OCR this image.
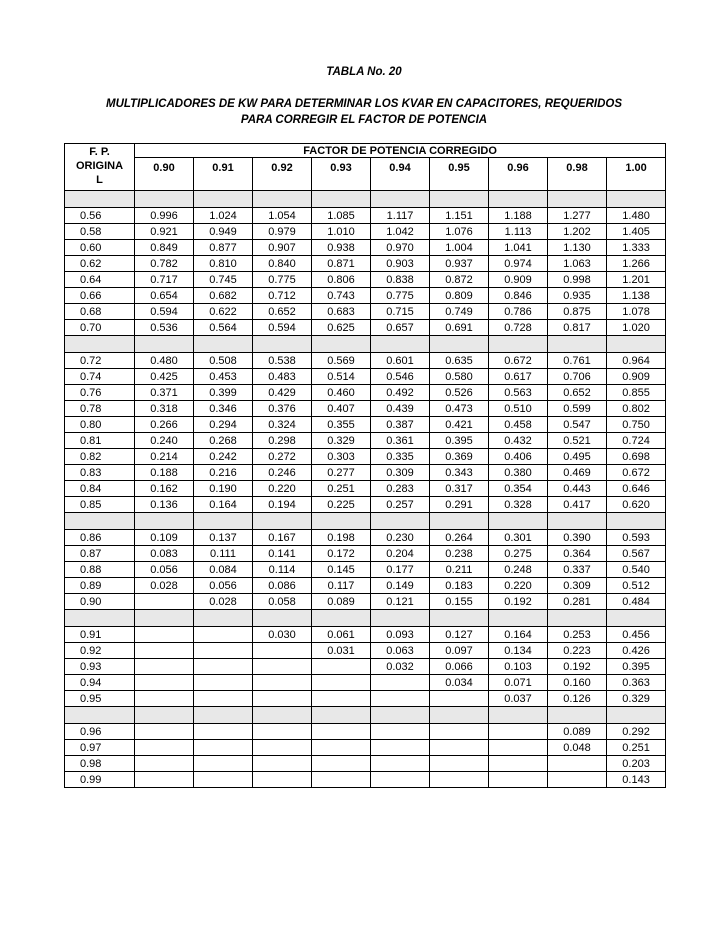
TABLA No. 20
MULTIPLICADORES DE KW PARA DETERMINAR LOS KVAR EN CAPACITORES, REQUERIDOS
PARA CORREGIR EL FACTOR DE POTENCIA
F. P.
ORIGINA
L	FACTOR DE POTENCIA CORREGIDO								
	0.90	0.91	0.92	0.93	0.94	0.95	0.96	0.98	1.00

0.56	0.996	1.024	1.054	1.085	1.117	1.151	1.188	1.277	1.480
0.58	0.921	0.949	0.979	1.010	1.042	1.076	1.113	1.202	1.405
0.60	0.849	0.877	0.907	0.938	0.970	1.004	1.041	1.130	1.333
0.62	0.782	0.810	0.840	0.871	0.903	0.937	0.974	1.063	1.266
0.64	0.717	0.745	0.775	0.806	0.838	0.872	0.909	0.998	1.201
0.66	0.654	0.682	0.712	0.743	0.775	0.809	0.846	0.935	1.138
0.68	0.594	0.622	0.652	0.683	0.715	0.749	0.786	0.875	1.078
0.70	0.536	0.564	0.594	0.625	0.657	0.691	0.728	0.817	1.020

0.72	0.480	0.508	0.538	0.569	0.601	0.635	0.672	0.761	0.964
0.74	0.425	0.453	0.483	0.514	0.546	0.580	0.617	0.706	0.909
0.76	0.371	0.399	0.429	0.460	0.492	0.526	0.563	0.652	0.855
0.78	0.318	0.346	0.376	0.407	0.439	0.473	0.510	0.599	0.802
0.80	0.266	0.294	0.324	0.355	0.387	0.421	0.458	0.547	0.750
0.81	0.240	0.268	0.298	0.329	0.361	0.395	0.432	0.521	0.724
0.82	0.214	0.242	0.272	0.303	0.335	0.369	0.406	0.495	0.698
0.83	0.188	0.216	0.246	0.277	0.309	0.343	0.380	0.469	0.672
0.84	0.162	0.190	0.220	0.251	0.283	0.317	0.354	0.443	0.646
0.85	0.136	0.164	0.194	0.225	0.257	0.291	0.328	0.417	0.620

0.86	0.109	0.137	0.167	0.198	0.230	0.264	0.301	0.390	0.593
0.87	0.083	0.111	0.141	0.172	0.204	0.238	0.275	0.364	0.567
0.88	0.056	0.084	0.114	0.145	0.177	0.211	0.248	0.337	0.540
0.89	0.028	0.056	0.086	0.117	0.149	0.183	0.220	0.309	0.512
0.90		0.028	0.058	0.089	0.121	0.155	0.192	0.281	0.484

0.91			0.030	0.061	0.093	0.127	0.164	0.253	0.456
0.92				0.031	0.063	0.097	0.134	0.223	0.426
0.93					0.032	0.066	0.103	0.192	0.395
0.94						0.034	0.071	0.160	0.363
0.95							0.037	0.126	0.329

0.96								0.089	0.292
0.97								0.048	0.251
0.98									0.203
0.99									0.143
